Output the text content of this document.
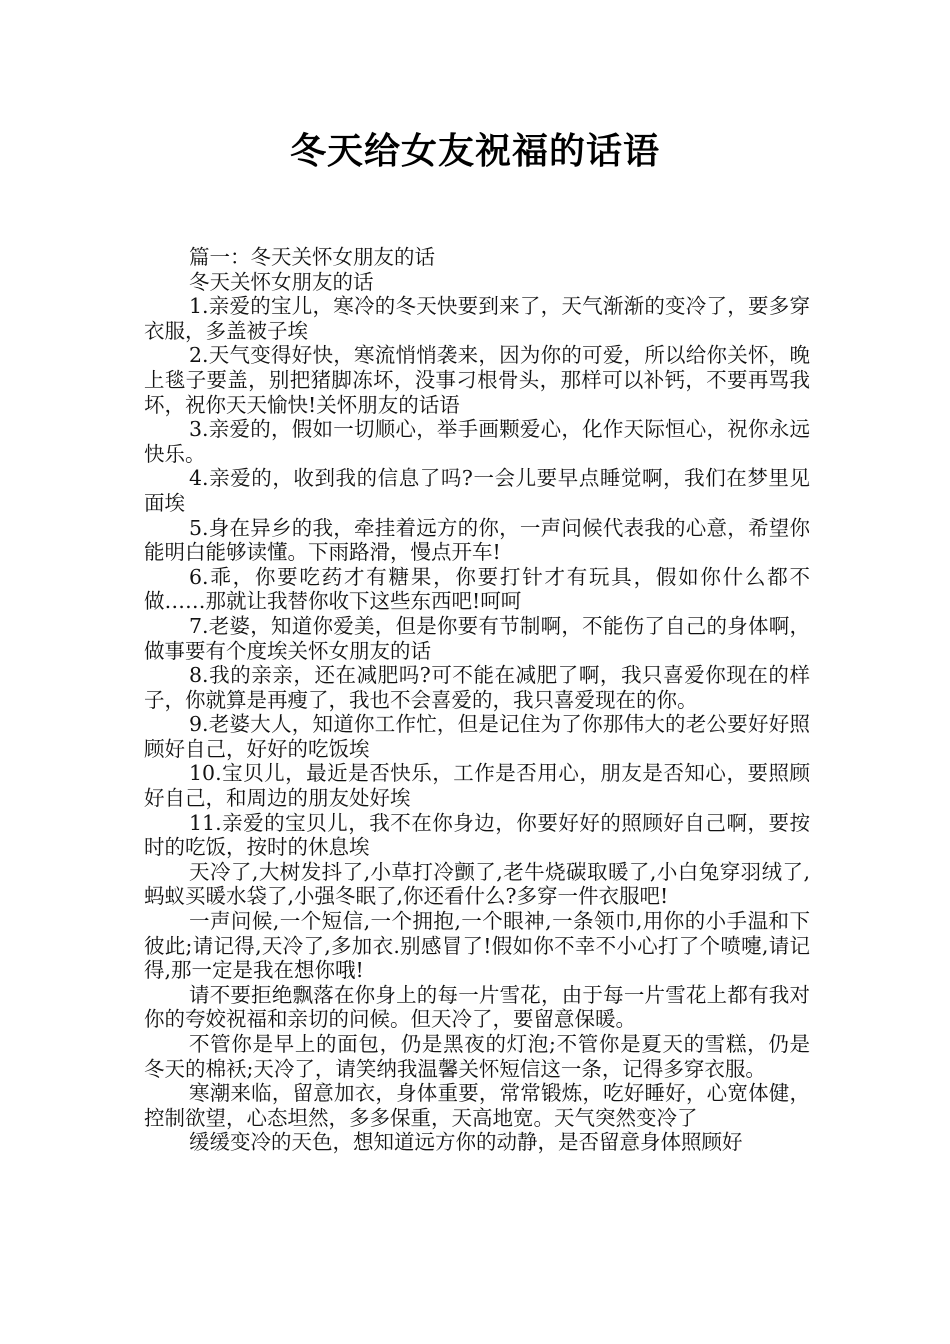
冬天给女友祝福的话语

篇一：冬天关怀女朋友的话

冬天关怀女朋友的话

1.亲爱的宝儿，寒冷的冬天快要到来了，天气渐渐的变冷了，要多穿衣服，多盖被子埃

2.天气变得好快，寒流悄悄袭来，因为你的可爱，所以给你关怀，晚上毯子要盖，别把猪脚冻坏，没事刁根骨头，那样可以补钙，不要再骂我坏，祝你天天愉快!关怀朋友的话语

3.亲爱的，假如一切顺心，举手画颗爱心，化作天际恒心，祝你永远快乐。

4.亲爱的，收到我的信息了吗?一会儿要早点睡觉啊，我们在梦里见面埃

5.身在异乡的我，牵挂着远方的你，一声问候代表我的心意，希望你能明白能够读懂。下雨路滑，慢点开车!

6.乖，你要吃药才有糖果，你要打针才有玩具，假如你什么都不做……那就让我替你收下这些东西吧!呵呵

7.老婆，知道你爱美，但是你要有节制啊，不能伤了自己的身体啊，做事要有个度埃关怀女朋友的话

8.我的亲亲，还在减肥吗?可不能在减肥了啊，我只喜爱你现在的样子，你就算是再瘦了，我也不会喜爱的，我只喜爱现在的你。

9.老婆大人，知道你工作忙，但是记住为了你那伟大的老公要好好照顾好自己，好好的吃饭埃

10.宝贝儿，最近是否快乐，工作是否用心，朋友是否知心，要照顾好自己，和周边的朋友处好埃

11.亲爱的宝贝儿，我不在你身边，你要好好的照顾好自己啊，要按时的吃饭，按时的休息埃

天冷了,大树发抖了,小草打冷颤了,老牛烧碳取暖了,小白兔穿羽绒了,蚂蚁买暖水袋了,小强冬眠了,你还看什么?多穿一件衣服吧!

一声问候,一个短信,一个拥抱,一个眼神,一条领巾,用你的小手温和下彼此;请记得,天冷了,多加衣.别感冒了!假如你不幸不小心打了个喷嚏,请记得,那一定是我在想你哦!

请不要拒绝飘落在你身上的每一片雪花，由于每一片雪花上都有我对你的夸姣祝福和亲切的问候。但天冷了，要留意保暖。

不管你是早上的面包，仍是黑夜的灯泡;不管你是夏天的雪糕，仍是冬天的棉袄;天冷了，请笑纳我温馨关怀短信这一条，记得多穿衣服。

寒潮来临，留意加衣，身体重要，常常锻炼，吃好睡好，心宽体健，控制欲望，心态坦然，多多保重，天高地宽。天气突然变冷了

缓缓变冷的天色，想知道远方你的动静，是否留意身体照顾好
